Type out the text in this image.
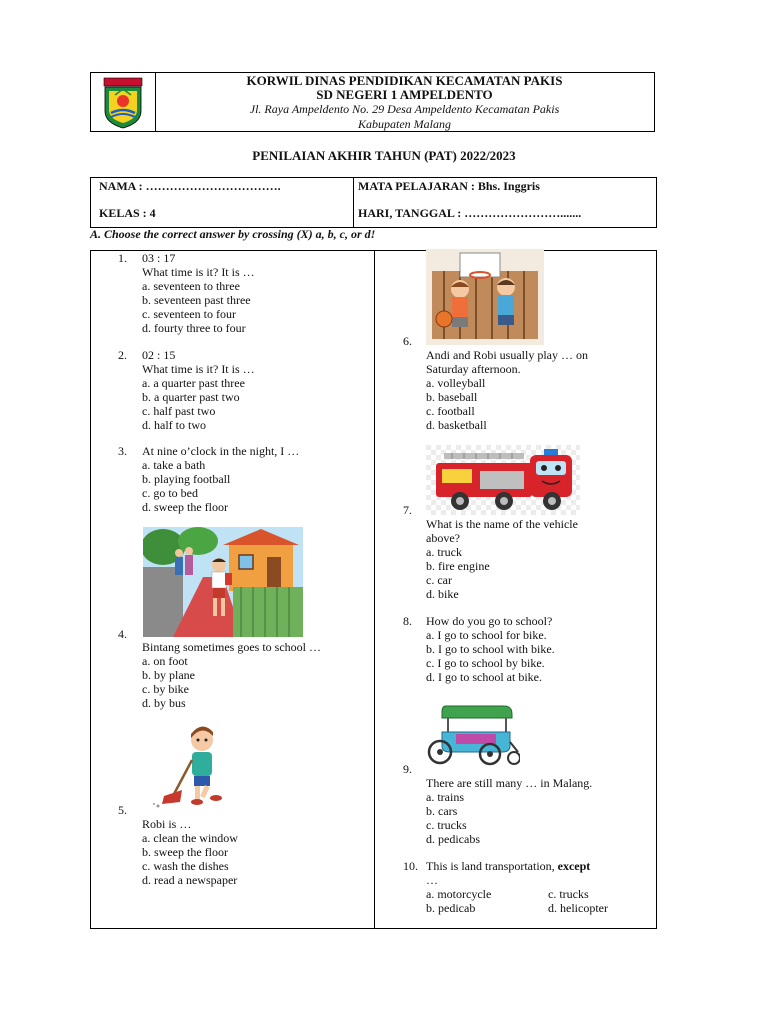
KORWIL DINAS PENDIDIKAN KECAMATAN PAKIS
SD NEGERI 1 AMPELDENTO
Jl. Raya Ampeldento No. 29 Desa Ampeldento Kecamatan Pakis
Kabupaten Malang
PENILAIAN AKHIR TAHUN (PAT) 2022/2023
NAMA : …………………………….
KELAS : 4
MATA PELAJARAN : Bhs. Inggris
HARI, TANGGAL : …………………….......
A. Choose the correct answer by crossing (X) a, b, c, or d!
1. 03 : 17
What time is it? It is …
a. seventeen to three
b. seventeen past three
c. seventeen to four
d. fourty three to four
2. 02 : 15
What time is it? It is …
a. a quarter past three
b. a quarter past two
c. half past two
d. half to two
3. At nine o’clock in the night, I …
a. take a bath
b. playing football
c. go to bed
d. sweep the floor
4.
Bintang sometimes goes to school …
a. on foot
b. by plane
c. by bike
d. by bus
5.
Robi is …
a. clean the window
b. sweep the floor
c. wash the dishes
d. read a newspaper
6.
Andi and Robi usually play … on
Saturday afternoon.
a. volleyball
b. baseball
c. football
d. basketball
7.
What is the name of the vehicle
above?
a. truck
b. fire engine
c. car
d. bike
8. How do you go to school?
a. I go to school for bike.
b. I go to school with bike.
c. I go to school by bike.
d. I go to school at bike.
9.
There are still many … in Malang.
a. trains
b. cars
c. trucks
d. pedicabs
10. This is land transportation, except
…
a. motorcycle	c. trucks
b. pedicab	d. helicopter
